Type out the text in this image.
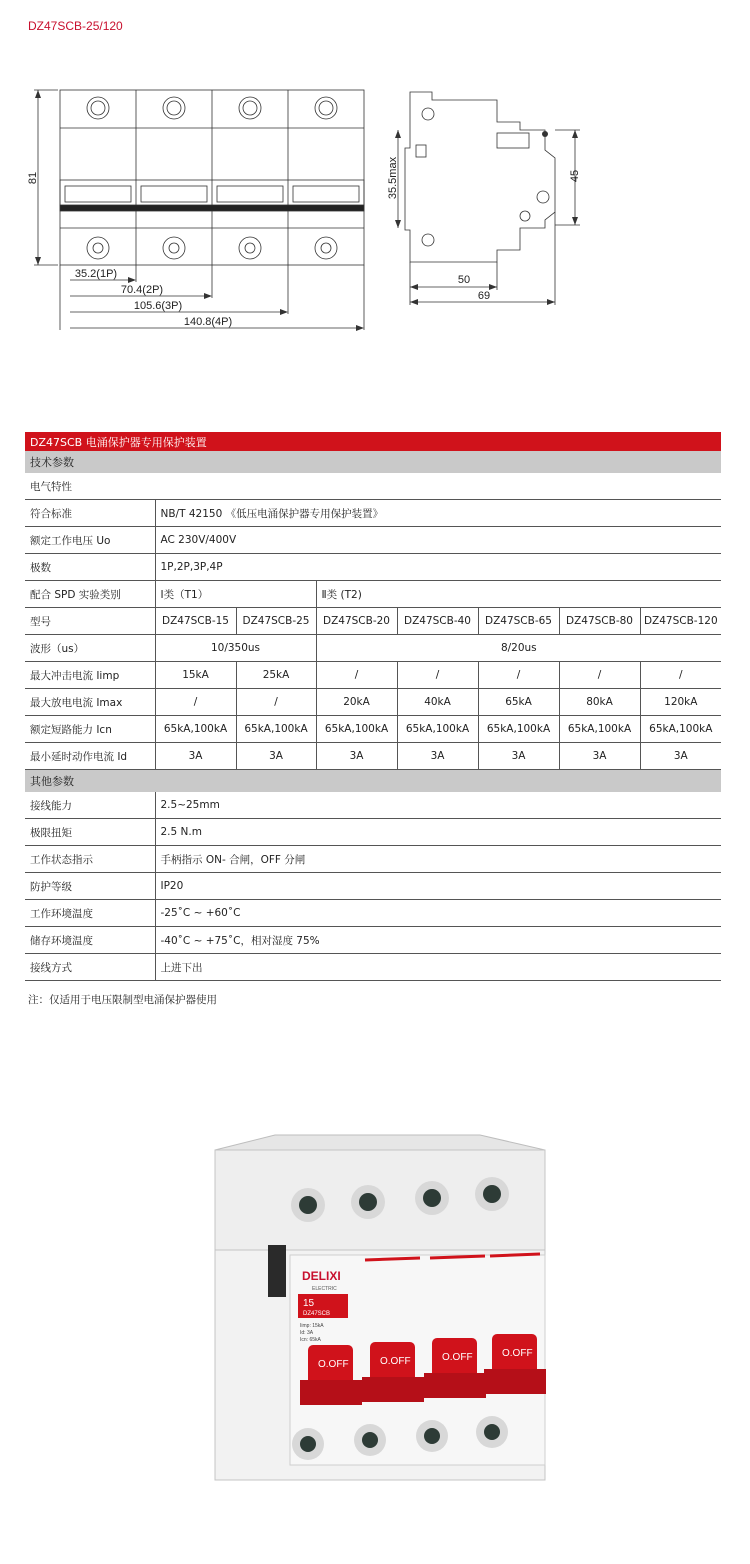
DZ47SCB-25/120
81
35.2(1P)
70.4(2P)
105.6(3P)
140.8(4P)
35.5max	45
50
69
DZ47SCB 电涌保护器专用保护装置							
技术参数							
电气特性							
符合标准	NB/T 42150 《低压电涌保护器专用保护装置》						
额定工作电压 Uo	AC 230V/400V						
极数	1P,2P,3P,4P						
配合 SPD 实验类别	Ⅰ类（T1）		Ⅱ类 (T2)				
型号	DZ47SCB-15	DZ47SCB-25	DZ47SCB-20	DZ47SCB-40	DZ47SCB-65	DZ47SCB-80	DZ47SCB-120
波形（us）	10/350us		8/20us				
最大冲击电流 Iimp	15kA	25kA	/	/	/	/	/
最大放电电流 Imax	/	/	20kA	40kA	65kA	80kA	120kA
额定短路能力 Icn	65kA,100kA	65kA,100kA	65kA,100kA	65kA,100kA	65kA,100kA	65kA,100kA	65kA,100kA
最小延时动作电流 Id	3A	3A	3A	3A	3A	3A	3A
其他参数							
接线能力	2.5~25mm						
极限扭矩	2.5 N.m						
工作状态指示	手柄指示 ON- 合闸，OFF 分闸						
防护等级	IP20						
工作环境温度	-25˚C ~ +60˚C						
储存环境温度	-40˚C ~ +75˚C，相对湿度 75%						
接线方式	上进下出						
注：仅适用于电压限制型电涌保护器使用
DELIXI
ELECTRIC
15
DZ47SCB
Iimp: 15kA
Id: 3A
Icn: 65kA
O.OFF	O.OFF	O.OFF	O.OFF
